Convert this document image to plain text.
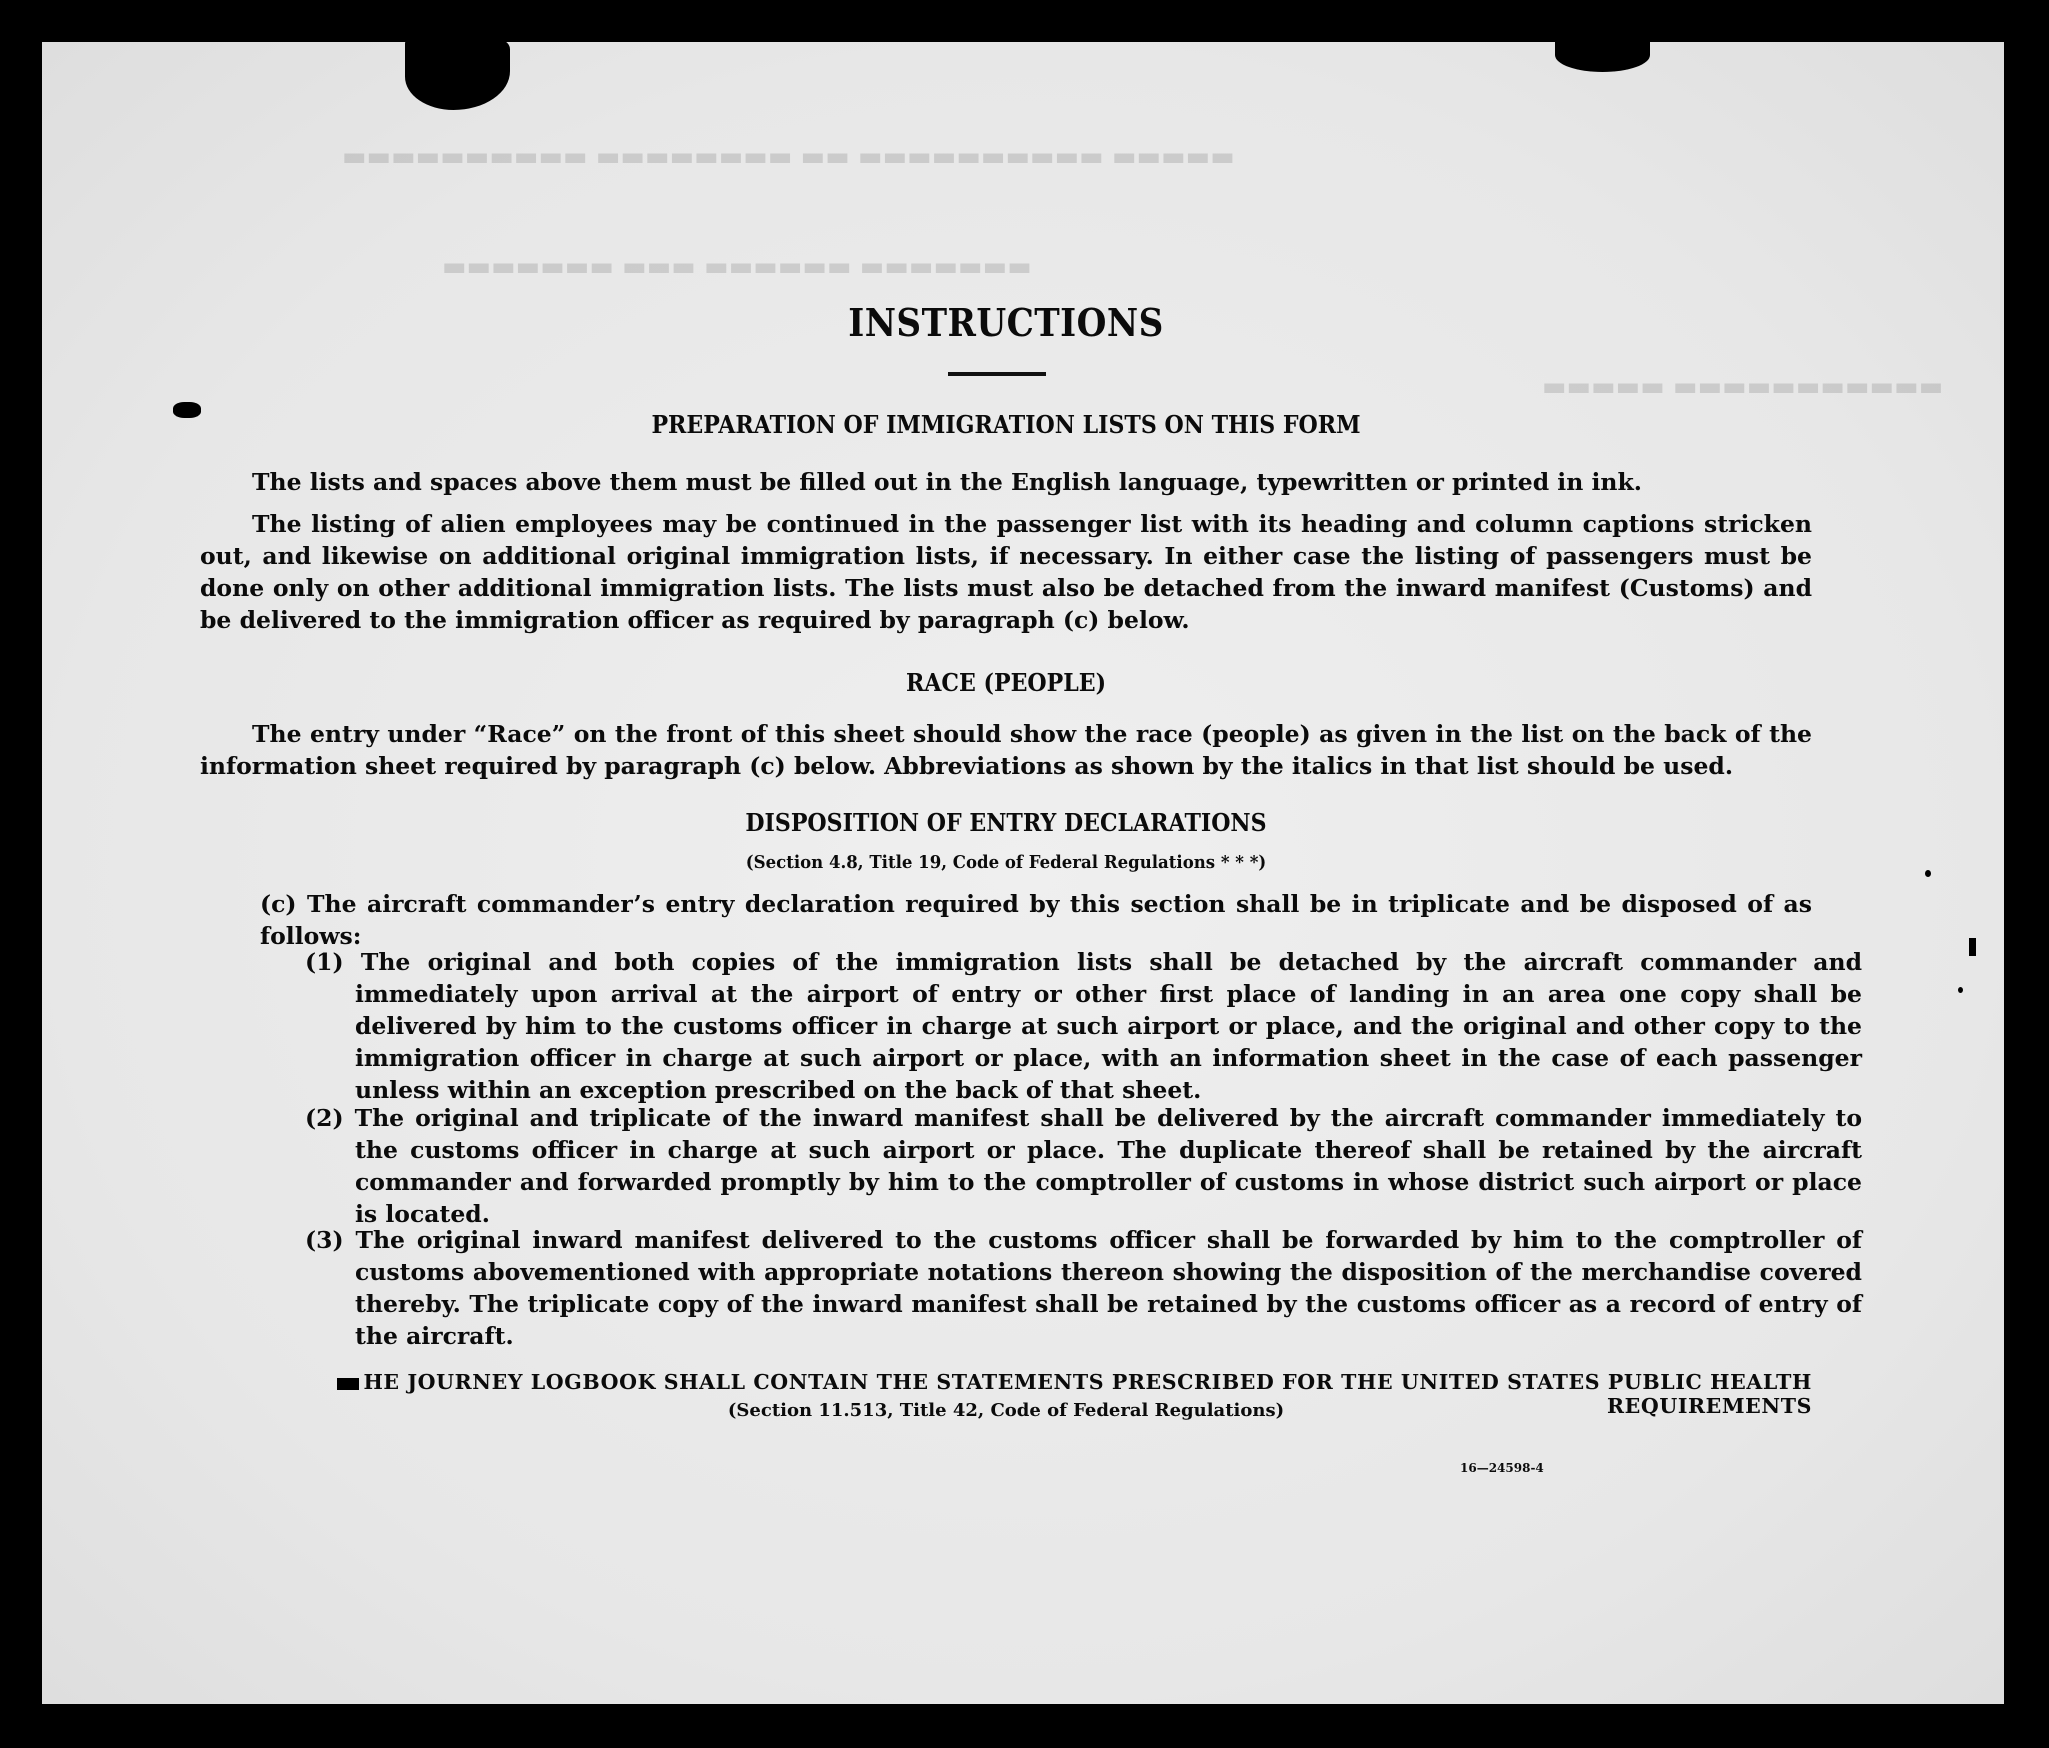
▬▬▬▬▬ ▬▬▬▬▬▬▬▬▬▬ ▬▬ ▬▬▬▬▬▬▬▬ ▬▬▬▬▬▬▬▬▬▬
▬▬▬▬▬▬▬ ▬▬▬▬▬▬ ▬▬▬ ▬▬▬▬▬▬▬
▬▬▬▬▬▬▬▬▬▬▬ ▬▬▬▬▬
INSTRUCTIONS
PREPARATION OF IMMIGRATION LISTS ON THIS FORM
The lists and spaces above them must be filled out in the English language, typewritten or printed in ink.
The listing of alien employees may be continued in the passenger list with its heading and column captions stricken out, and likewise on additional original immigration lists, if necessary. In either case the listing of passengers must be done only on other additional immigration lists. The lists must also be detached from the inward manifest (Customs) and be delivered to the immigration officer as required by paragraph (c) below.
RACE (PEOPLE)
The entry under “Race” on the front of this sheet should show the race (people) as given in the list on the back of the information sheet required by paragraph (c) below. Abbreviations as shown by the italics in that list should be used.
DISPOSITION OF ENTRY DECLARATIONS
(Section 4.8, Title 19, Code of Federal Regulations * * *)
(c) The aircraft commander’s entry declaration required by this section shall be in triplicate and be disposed of as follows:
(1) The original and both copies of the immigration lists shall be detached by the aircraft commander and immediately upon arrival at the airport of entry or other first place of landing in an area one copy shall be delivered by him to the customs officer in charge at such airport or place, and the original and other copy to the immigration officer in charge at such airport or place, with an information sheet in the case of each passenger unless within an exception prescribed on the back of that sheet.
(2) The original and triplicate of the inward manifest shall be delivered by the aircraft commander immediately to the customs officer in charge at such airport or place. The duplicate thereof shall be retained by the aircraft commander and forwarded promptly by him to the comptroller of customs in whose district such airport or place is located.
(3) The original inward manifest delivered to the customs officer shall be forwarded by him to the comptroller of customs abovementioned with appropriate notations thereon showing the disposition of the merchandise covered thereby. The triplicate copy of the inward manifest shall be retained by the customs officer as a record of entry of the aircraft.
HE JOURNEY LOGBOOK SHALL CONTAIN THE STATEMENTS PRESCRIBED FOR THE UNITED STATES PUBLIC HEALTH REQUIREMENTS
(Section 11.513, Title 42, Code of Federal Regulations)
16—24598-4
